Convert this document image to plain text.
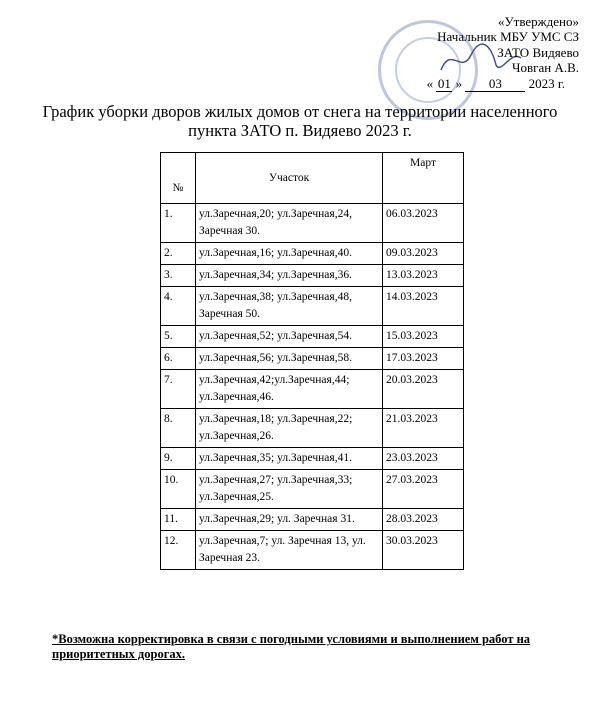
«Утверждено»
Начальник МБУ УМС СЗ
ЗАТО Видяево
Човган А.В.
« 01 » 03 2023 г.
График уборки дворов жилых домов от снега на территории населенного пункта ЗАТО п. Видяево 2023 г.
№	Участок	Март
1.	ул.Заречная,20; ул.Заречная,24, Заречная 30.	06.03.2023
2.	ул.Заречная,16; ул.Заречная,40.	09.03.2023
3.	ул.Заречная,34; ул.Заречная,36.	13.03.2023
4.	ул.Заречная,38; ул.Заречная,48, Заречная 50.	14.03.2023
5.	ул.Заречная,52; ул.Заречная,54.	15.03.2023
6.	ул.Заречная,56; ул.Заречная,58.	17.03.2023
7.	ул.Заречная,42;ул.Заречная,44; ул.Заречная,46.	20.03.2023
8.	ул.Заречная,18; ул.Заречная,22; ул.Заречная,26.	21.03.2023
9.	ул.Заречная,35; ул.Заречная,41.	23.03.2023
10.	ул.Заречная,27; ул.Заречная,33; ул.Заречная,25.	27.03.2023
11.	ул.Заречная,29; ул. Заречная 31.	28.03.2023
12.	ул.Заречная,7; ул. Заречная 13, ул. Заречная 23.	30.03.2023
*Возможна корректировка в связи с погодными условиями и выполнением работ на приоритетных дорогах.
